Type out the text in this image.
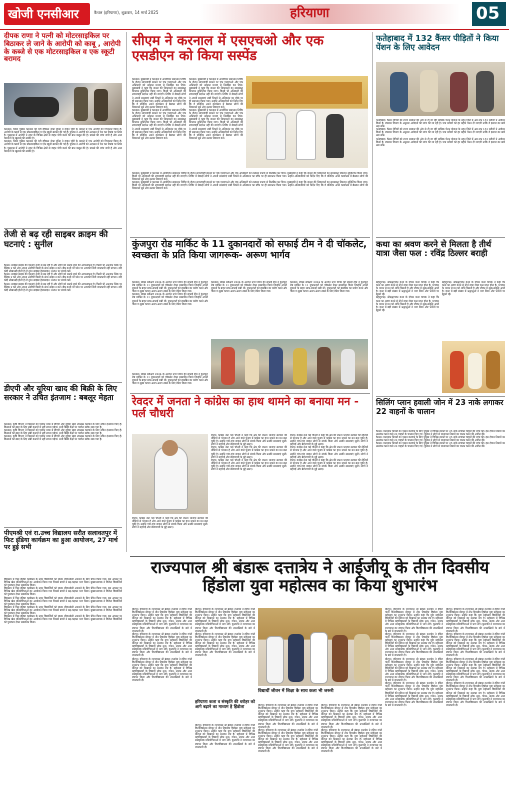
खोजी एनसीआर	कैथल (हरियाणा), शुक्रवार, 14 मार्च 2025	हरियाणा	05
दीपक राणा ने पत्नी को मोटरसाइकिल पर बिठाकर ले जाने के आरोपी को काबू , आरोपी के कब्जे से एक मोटरसाइकिल व एक स्कूटी बरामद
करनाल। जिला पुलिस करनाल की एंटी व्हीकल थेफ्ट यूनिट ने वाहन चोरी के मामले में एक आरोपी को गिरफ्तार किया है। आरोपी के कब्जे से एक मोटरसाइकिल व एक स्कूटी बरामद की गई है। पुलिस ने आरोपी को अदालत में पेश कर रिमांड पर लिया है। पूछताछ में आरोपी ने शहर के विभिन्न क्षेत्रों से वाहन चोरी करने की बात कबूल की है। मामले की जांच जारी है और अन्य वारदातों के खुलासे की उम्मीद है।
करनाल। जिला पुलिस करनाल की एंटी व्हीकल थेफ्ट यूनिट ने वाहन चोरी के मामले में एक आरोपी को गिरफ्तार किया है। आरोपी के कब्जे से एक मोटरसाइकिल व एक स्कूटी बरामद की गई है। पुलिस ने आरोपी को अदालत में पेश कर रिमांड पर लिया है। पूछताछ में आरोपी ने शहर के विभिन्न क्षेत्रों से वाहन चोरी करने की बात कबूल की है। मामले की जांच जारी है और अन्य वारदातों के खुलासे की उम्मीद है।
तेजी से बढ़ रही साइबर क्राइम की घटनाएं : सुनील
कैथल। साइबर क्राइम की घटनाएं तेजी से बढ़ रही हैं और लोगों को सतर्क रहने की आवश्यकता है। किसी भी अनजान लिंक पर क्लिक न करें और अपना ओटीपी किसी के साथ साझा न करें। बैंक कभी भी फोन पर आपकी निजी जानकारी नहीं मांगता। यदि कोई धोखाधड़ी होती है तो तुरंत साइबर हेल्पलाइन 1930 पर संपर्क करें।
कैथल। साइबर क्राइम की घटनाएं तेजी से बढ़ रही हैं और लोगों को सतर्क रहने की आवश्यकता है। किसी भी अनजान लिंक पर क्लिक न करें और अपना ओटीपी किसी के साथ साझा न करें। बैंक कभी भी फोन पर आपकी निजी जानकारी नहीं मांगता। यदि कोई धोखाधड़ी होती है तो तुरंत साइबर हेल्पलाइन 1930 पर संपर्क करें।
कैथल। साइबर क्राइम की घटनाएं तेजी से बढ़ रही हैं और लोगों को सतर्क रहने की आवश्यकता है। किसी भी अनजान लिंक पर क्लिक न करें और अपना ओटीपी किसी के साथ साझा न करें। बैंक कभी भी फोन पर आपकी निजी जानकारी नहीं मांगता। यदि कोई धोखाधड़ी होती है तो तुरंत साइबर हेल्पलाइन 1930 पर संपर्क करें।
डीएपी और यूरिया खाद की बिक्री के लिए सरकार ने उचित इंतजाम : बबलूर मेहता
करनाल। कृषि विभाग ने किसानों को पर्याप्त मात्रा में डीएपी और यूरिया खाद उपलब्ध करवाने के लिए उचित इंतजाम किए हैं। किसानों को खाद के लिए लंबी कतारों में नहीं लगना पड़ेगा। सभी बिक्री केंद्रों पर पर्याप्त स्टॉक रखा गया है।
करनाल। कृषि विभाग ने किसानों को पर्याप्त मात्रा में डीएपी और यूरिया खाद उपलब्ध करवाने के लिए उचित इंतजाम किए हैं। किसानों को खाद के लिए लंबी कतारों में नहीं लगना पड़ेगा। सभी बिक्री केंद्रों पर पर्याप्त स्टॉक रखा गया है।
करनाल। कृषि विभाग ने किसानों को पर्याप्त मात्रा में डीएपी और यूरिया खाद उपलब्ध करवाने के लिए उचित इंतजाम किए हैं। किसानों को खाद के लिए लंबी कतारों में नहीं लगना पड़ेगा। सभी बिक्री केंद्रों पर पर्याप्त स्टॉक रखा गया है।
पीएमश्री एवं रा.उच्च विद्यालय सरौत सलावतपुर में फिट इंडिया कार्यक्रम का हुआ आयोजन, 27 मार्च पर हुई सभी
विद्यालय में फिट इंडिया कार्यक्रम के तहत विद्यार्थियों को स्वस्थ जीवनशैली अपनाने के लिए प्रेरित किया गया। इस अवसर पर विभिन्न खेल प्रतियोगिताओं का आयोजन किया गया जिसमें बच्चों ने बढ़-चढ़कर भाग लिया। मुख्याध्यापक ने विजेता विद्यार्थियों को पुरस्कार देकर सम्मानित किया।
विद्यालय में फिट इंडिया कार्यक्रम के तहत विद्यार्थियों को स्वस्थ जीवनशैली अपनाने के लिए प्रेरित किया गया। इस अवसर पर विभिन्न खेल प्रतियोगिताओं का आयोजन किया गया जिसमें बच्चों ने बढ़-चढ़कर भाग लिया। मुख्याध्यापक ने विजेता विद्यार्थियों को पुरस्कार देकर सम्मानित किया।
विद्यालय में फिट इंडिया कार्यक्रम के तहत विद्यार्थियों को स्वस्थ जीवनशैली अपनाने के लिए प्रेरित किया गया। इस अवसर पर विभिन्न खेल प्रतियोगिताओं का आयोजन किया गया जिसमें बच्चों ने बढ़-चढ़कर भाग लिया। मुख्याध्यापक ने विजेता विद्यार्थियों को पुरस्कार देकर सम्मानित किया।
विद्यालय में फिट इंडिया कार्यक्रम के तहत विद्यार्थियों को स्वस्थ जीवनशैली अपनाने के लिए प्रेरित किया गया। इस अवसर पर विभिन्न खेल प्रतियोगिताओं का आयोजन किया गया जिसमें बच्चों ने बढ़-चढ़कर भाग लिया। मुख्याध्यापक ने विजेता विद्यार्थियों को पुरस्कार देकर सम्मानित किया।
विद्यालय में फिट इंडिया कार्यक्रम के तहत विद्यार्थियों को स्वस्थ जीवनशैली अपनाने के लिए प्रेरित किया गया। इस अवसर पर विभिन्न खेल प्रतियोगिताओं का आयोजन किया गया जिसमें बच्चों ने बढ़-चढ़कर भाग लिया। मुख्याध्यापक ने विजेता विद्यार्थियों को पुरस्कार देकर सम्मानित किया।
सीएम ने करनाल में एसएचओ और एक एसडीएन को किया सस्पेंड
करनाल। मुख्यमंत्री ने करनाल में आयोजित समाधान शिविर के दौरान लापरवाही बरतने पर एक एसएचओ और एक अधिकारी को तत्काल प्रभाव से निलंबित कर दिया। मुख्यमंत्री ने कहा कि जनता की शिकायतों का समयबद्ध निपटान सुनिश्चित किया जाए। किसी भी अधिकारी की लापरवाही बर्दाश्त नहीं की जाएगी। शिविर में सैकड़ों लोगों ने अपनी समस्याएं रखीं जिनमें से अधिकांश का मौके पर ही समाधान किया गया। उन्होंने अधिकारियों को निर्देश दिए कि वे प्रतिदिन अपने कार्यालय में बैठकर लोगों की शिकायतें सुनें और उनका निवारण करें।
करनाल। मुख्यमंत्री ने करनाल में आयोजित समाधान शिविर के दौरान लापरवाही बरतने पर एक एसएचओ और एक अधिकारी को तत्काल प्रभाव से निलंबित कर दिया। मुख्यमंत्री ने कहा कि जनता की शिकायतों का समयबद्ध निपटान सुनिश्चित किया जाए। किसी भी अधिकारी की लापरवाही बर्दाश्त नहीं की जाएगी। शिविर में सैकड़ों लोगों ने अपनी समस्याएं रखीं जिनमें से अधिकांश का मौके पर ही समाधान किया गया। उन्होंने अधिकारियों को निर्देश दिए कि वे प्रतिदिन अपने कार्यालय में बैठकर लोगों की शिकायतें सुनें और उनका निवारण करें।
करनाल। मुख्यमंत्री ने करनाल में आयोजित समाधान शिविर के दौरान लापरवाही बरतने पर एक एसएचओ और एक अधिकारी को तत्काल प्रभाव से निलंबित कर दिया। मुख्यमंत्री ने कहा कि जनता की शिकायतों का समयबद्ध निपटान सुनिश्चित किया जाए। किसी भी अधिकारी की लापरवाही बर्दाश्त नहीं की जाएगी। शिविर में सैकड़ों लोगों ने अपनी समस्याएं रखीं जिनमें से अधिकांश का मौके पर ही समाधान किया गया। उन्होंने अधिकारियों को निर्देश दिए कि वे प्रतिदिन अपने कार्यालय में बैठकर लोगों की शिकायतें सुनें और उनका निवारण करें।
करनाल। मुख्यमंत्री ने करनाल में आयोजित समाधान शिविर के दौरान लापरवाही बरतने पर एक एसएचओ और एक अधिकारी को तत्काल प्रभाव से निलंबित कर दिया। मुख्यमंत्री ने कहा कि जनता की शिकायतों का समयबद्ध निपटान सुनिश्चित किया जाए। किसी भी अधिकारी की लापरवाही बर्दाश्त नहीं की जाएगी। शिविर में सैकड़ों लोगों ने अपनी समस्याएं रखीं जिनमें से अधिकांश का मौके पर ही समाधान किया गया। उन्होंने अधिकारियों को निर्देश दिए कि वे प्रतिदिन अपने कार्यालय में बैठकर लोगों की शिकायतें सुनें और उनका निवारण करें।
करनाल। मुख्यमंत्री ने करनाल में आयोजित समाधान शिविर के दौरान लापरवाही बरतने पर एक एसएचओ और एक अधिकारी को तत्काल प्रभाव से निलंबित कर दिया। मुख्यमंत्री ने कहा कि जनता की शिकायतों का समयबद्ध निपटान सुनिश्चित किया जाए। किसी भी अधिकारी की लापरवाही बर्दाश्त नहीं की जाएगी। शिविर में सैकड़ों लोगों ने अपनी समस्याएं रखीं जिनमें से अधिकांश का मौके पर ही समाधान किया गया। उन्होंने अधिकारियों को निर्देश दिए कि वे प्रतिदिन अपने कार्यालय में बैठकर लोगों की शिकायतें सुनें और उनका निवारण करें।
करनाल। मुख्यमंत्री ने करनाल में आयोजित समाधान शिविर के दौरान लापरवाही बरतने पर एक एसएचओ और एक अधिकारी को तत्काल प्रभाव से निलंबित कर दिया। मुख्यमंत्री ने कहा कि जनता की शिकायतों का समयबद्ध निपटान सुनिश्चित किया जाए। किसी भी अधिकारी की लापरवाही बर्दाश्त नहीं की जाएगी। शिविर में सैकड़ों लोगों ने अपनी समस्याएं रखीं जिनमें से अधिकांश का मौके पर ही समाधान किया गया। उन्होंने अधिकारियों को निर्देश दिए कि वे प्रतिदिन अपने कार्यालय में बैठकर लोगों की शिकायतें सुनें और उनका निवारण करें।
कुंजपुरा रोड मार्किट के 11 दुकानदारों को सफाई टीम ने दी चॉकलेट, स्वच्छता के प्रति किया जागरूक- अरूण भार्गव
करनाल। स्वच्छ सर्वेक्षण 2024 के अंतर्गत नगर निगम की सफाई टीम ने कुंजपुरा रोड मार्किट के 11 दुकानदारों को चॉकलेट देकर सम्मानित किया जिन्होंने अपनी दुकानों के बाहर साफ-सफाई रखी थी। दुकानदारों को डस्टबिन का प्रयोग करने और गीला व सूखा कचरा अलग-अलग रखने के लिए प्रेरित किया गया।
करनाल। स्वच्छ सर्वेक्षण 2024 के अंतर्गत नगर निगम की सफाई टीम ने कुंजपुरा रोड मार्किट के 11 दुकानदारों को चॉकलेट देकर सम्मानित किया जिन्होंने अपनी दुकानों के बाहर साफ-सफाई रखी थी। दुकानदारों को डस्टबिन का प्रयोग करने और गीला व सूखा कचरा अलग-अलग रखने के लिए प्रेरित किया गया।
करनाल। स्वच्छ सर्वेक्षण 2024 के अंतर्गत नगर निगम की सफाई टीम ने कुंजपुरा रोड मार्किट के 11 दुकानदारों को चॉकलेट देकर सम्मानित किया जिन्होंने अपनी दुकानों के बाहर साफ-सफाई रखी थी। दुकानदारों को डस्टबिन का प्रयोग करने और गीला व सूखा कचरा अलग-अलग रखने के लिए प्रेरित किया गया।
करनाल। स्वच्छ सर्वेक्षण 2024 के अंतर्गत नगर निगम की सफाई टीम ने कुंजपुरा रोड मार्किट के 11 दुकानदारों को चॉकलेट देकर सम्मानित किया जिन्होंने अपनी दुकानों के बाहर साफ-सफाई रखी थी। दुकानदारों को डस्टबिन का प्रयोग करने और गीला व सूखा कचरा अलग-अलग रखने के लिए प्रेरित किया गया।
करनाल। स्वच्छ सर्वेक्षण 2024 के अंतर्गत नगर निगम की सफाई टीम ने कुंजपुरा रोड मार्किट के 11 दुकानदारों को चॉकलेट देकर सम्मानित किया जिन्होंने अपनी दुकानों के बाहर साफ-सफाई रखी थी। दुकानदारों को डस्टबिन का प्रयोग करने और गीला व सूखा कचरा अलग-अलग रखने के लिए प्रेरित किया गया।
रेवदर में जनता ने कांग्रेस का हाथ थामने का बनाया मन - पर्ल चौधरी
रेवदर। कांग्रेस नेता पर्ल चौधरी ने कहा कि क्षेत्र की जनता भाजपा सरकार की नीतियों से परेशान है और आने वाले चुनाव में कांग्रेस का हाथ थामने का मन बना चुकी है। उन्होंने गांव-गांव जाकर लोगों से संपर्क किया और उनकी समस्याएं सुनीं। लोगों ने महंगाई और बेरोजगारी के मुद्दे उठाए।
रेवदर। कांग्रेस नेता पर्ल चौधरी ने कहा कि क्षेत्र की जनता भाजपा सरकार की नीतियों से परेशान है और आने वाले चुनाव में कांग्रेस का हाथ थामने का मन बना चुकी है। उन्होंने गांव-गांव जाकर लोगों से संपर्क किया और उनकी समस्याएं सुनीं। लोगों ने महंगाई और बेरोजगारी के मुद्दे उठाए।
रेवदर। कांग्रेस नेता पर्ल चौधरी ने कहा कि क्षेत्र की जनता भाजपा सरकार की नीतियों से परेशान है और आने वाले चुनाव में कांग्रेस का हाथ थामने का मन बना चुकी है। उन्होंने गांव-गांव जाकर लोगों से संपर्क किया और उनकी समस्याएं सुनीं। लोगों ने महंगाई और बेरोजगारी के मुद्दे उठाए।
रेवदर। कांग्रेस नेता पर्ल चौधरी ने कहा कि क्षेत्र की जनता भाजपा सरकार की नीतियों से परेशान है और आने वाले चुनाव में कांग्रेस का हाथ थामने का मन बना चुकी है। उन्होंने गांव-गांव जाकर लोगों से संपर्क किया और उनकी समस्याएं सुनीं। लोगों ने महंगाई और बेरोजगारी के मुद्दे उठाए।
रेवदर। कांग्रेस नेता पर्ल चौधरी ने कहा कि क्षेत्र की जनता भाजपा सरकार की नीतियों से परेशान है और आने वाले चुनाव में कांग्रेस का हाथ थामने का मन बना चुकी है। उन्होंने गांव-गांव जाकर लोगों से संपर्क किया और उनकी समस्याएं सुनीं। लोगों ने महंगाई और बेरोजगारी के मुद्दे उठाए।
रेवदर। कांग्रेस नेता पर्ल चौधरी ने कहा कि क्षेत्र की जनता भाजपा सरकार की नीतियों से परेशान है और आने वाले चुनाव में कांग्रेस का हाथ थामने का मन बना चुकी है। उन्होंने गांव-गांव जाकर लोगों से संपर्क किया और उनकी समस्याएं सुनीं। लोगों ने महंगाई और बेरोजगारी के मुद्दे उठाए।
रेवदर। कांग्रेस नेता पर्ल चौधरी ने कहा कि क्षेत्र की जनता भाजपा सरकार की नीतियों से परेशान है और आने वाले चुनाव में कांग्रेस का हाथ थामने का मन बना चुकी है। उन्होंने गांव-गांव जाकर लोगों से संपर्क किया और उनकी समस्याएं सुनीं। लोगों ने महंगाई और बेरोजगारी के मुद्दे उठाए।
फतेहाबाद में 132 कैंसर पीड़ितों ने किया पेंशन के लिए आवेदन
फतेहाबाद। कैंसर रोगियों को राज्य सरकार की ओर से दी जा रही मासिक पेंशन योजना के तहत जिले में अब तक 132 मरीजों ने आवेदन किया है। स्वास्थ्य विभाग के अनुसार आवेदनों की जांच की जा रही है। पात्र मरीजों को हर महीने पेंशन दी जाएगी ताकि वे इलाज का खर्च उठा सकें।
फतेहाबाद। कैंसर रोगियों को राज्य सरकार की ओर से दी जा रही मासिक पेंशन योजना के तहत जिले में अब तक 132 मरीजों ने आवेदन किया है। स्वास्थ्य विभाग के अनुसार आवेदनों की जांच की जा रही है। पात्र मरीजों को हर महीने पेंशन दी जाएगी ताकि वे इलाज का खर्च उठा सकें।
फतेहाबाद। कैंसर रोगियों को राज्य सरकार की ओर से दी जा रही मासिक पेंशन योजना के तहत जिले में अब तक 132 मरीजों ने आवेदन किया है। स्वास्थ्य विभाग के अनुसार आवेदनों की जांच की जा रही है। पात्र मरीजों को हर महीने पेंशन दी जाएगी ताकि वे इलाज का खर्च उठा सकें।
कथा का श्रवण करने से मिलता है तीर्थ यात्रा जैसा फल : रविंद्र ठिल्लर बराही
बहादुरगढ़। श्रीमद्भागवत कथा के दौरान कथा वाचक ने कहा कि कथा का श्रवण करने से तीर्थ यात्रा जैसा फल प्राप्त होता है। भगवान के भजन से मन को शांति मिलती है और जीवन में सुख-समृद्धि आती है। कथा में बड़ी संख्या में श्रद्धालुओं ने भाग लिया और भजनों पर झूमते रहे।
बहादुरगढ़। श्रीमद्भागवत कथा के दौरान कथा वाचक ने कहा कि कथा का श्रवण करने से तीर्थ यात्रा जैसा फल प्राप्त होता है। भगवान के भजन से मन को शांति मिलती है और जीवन में सुख-समृद्धि आती है। कथा में बड़ी संख्या में श्रद्धालुओं ने भाग लिया और भजनों पर झूमते रहे।
बहादुरगढ़। श्रीमद्भागवत कथा के दौरान कथा वाचक ने कहा कि कथा का श्रवण करने से तीर्थ यात्रा जैसा फल प्राप्त होता है। भगवान के भजन से मन को शांति मिलती है और जीवन में सुख-समृद्धि आती है। कथा में बड़ी संख्या में श्रद्धालुओं ने भाग लिया और भजनों पर झूमते रहे।
सिलिंग प्लान हवाली जोन में 23 नाके लगाकर 22 वाहनों के चालान
कैथल। यातायात नियमों का पालन करवाने के लिए पुलिस ने विभिन्न स्थानों पर 23 नाके लगाकर वाहनों की जांच की। इस दौरान नियमों का उल्लंघन करने वाले 22 वाहनों के चालान किए गए। पुलिस ने लोगों से यातायात नियमों का पालन करने की अपील की।
कैथल। यातायात नियमों का पालन करवाने के लिए पुलिस ने विभिन्न स्थानों पर 23 नाके लगाकर वाहनों की जांच की। इस दौरान नियमों का उल्लंघन करने वाले 22 वाहनों के चालान किए गए। पुलिस ने लोगों से यातायात नियमों का पालन करने की अपील की।
कैथल। यातायात नियमों का पालन करवाने के लिए पुलिस ने विभिन्न स्थानों पर 23 नाके लगाकर वाहनों की जांच की। इस दौरान नियमों का उल्लंघन करने वाले 22 वाहनों के चालान किए गए। पुलिस ने लोगों से यातायात नियमों का पालन करने की अपील की।
राज्यपाल श्री बंडारू दत्तात्रेय ने आईजीयू के तीन दिवसीय हिंडोला युवा महोत्सव का किया शुभारंभ
मीरपुर। हरियाणा के राज्यपाल श्री बंडारू दत्तात्रेय ने इंदिरा गांधी विश्वविद्यालय मीरपुर में तीन दिवसीय हिंडोला युवा महोत्सव का शुभारंभ किया। उन्होंने कहा कि युवा महोत्सव विद्यार्थियों की प्रतिभा को निखारने का सशक्त मंच है। महोत्सव में विभिन्न महाविद्यालयों के विद्यार्थी लोक नृत्य, गायन, नाटक और अन्य सांस्कृतिक प्रतियोगिताओं में भाग लेंगे। कुलपति ने राज्यपाल का स्वागत किया और विश्वविद्यालय की उपलब्धियों के बारे में जानकारी दी।
मीरपुर। हरियाणा के राज्यपाल श्री बंडारू दत्तात्रेय ने इंदिरा गांधी विश्वविद्यालय मीरपुर में तीन दिवसीय हिंडोला युवा महोत्सव का शुभारंभ किया। उन्होंने कहा कि युवा महोत्सव विद्यार्थियों की प्रतिभा को निखारने का सशक्त मंच है। महोत्सव में विभिन्न महाविद्यालयों के विद्यार्थी लोक नृत्य, गायन, नाटक और अन्य सांस्कृतिक प्रतियोगिताओं में भाग लेंगे। कुलपति ने राज्यपाल का स्वागत किया और विश्वविद्यालय की उपलब्धियों के बारे में जानकारी दी।
मीरपुर। हरियाणा के राज्यपाल श्री बंडारू दत्तात्रेय ने इंदिरा गांधी विश्वविद्यालय मीरपुर में तीन दिवसीय हिंडोला युवा महोत्सव का शुभारंभ किया। उन्होंने कहा कि युवा महोत्सव विद्यार्थियों की प्रतिभा को निखारने का सशक्त मंच है। महोत्सव में विभिन्न महाविद्यालयों के विद्यार्थी लोक नृत्य, गायन, नाटक और अन्य सांस्कृतिक प्रतियोगिताओं में भाग लेंगे। कुलपति ने राज्यपाल का स्वागत किया और विश्वविद्यालय की उपलब्धियों के बारे में जानकारी दी।
मीरपुर। हरियाणा के राज्यपाल श्री बंडारू दत्तात्रेय ने इंदिरा गांधी विश्वविद्यालय मीरपुर में तीन दिवसीय हिंडोला युवा महोत्सव का शुभारंभ किया। उन्होंने कहा कि युवा महोत्सव विद्यार्थियों की प्रतिभा को निखारने का सशक्त मंच है। महोत्सव में विभिन्न महाविद्यालयों के विद्यार्थी लोक नृत्य, गायन, नाटक और अन्य सांस्कृतिक प्रतियोगिताओं में भाग लेंगे। कुलपति ने राज्यपाल का स्वागत किया और विश्वविद्यालय की उपलब्धियों के बारे में जानकारी दी।
मीरपुर। हरियाणा के राज्यपाल श्री बंडारू दत्तात्रेय ने इंदिरा गांधी विश्वविद्यालय मीरपुर में तीन दिवसीय हिंडोला युवा महोत्सव का शुभारंभ किया। उन्होंने कहा कि युवा महोत्सव विद्यार्थियों की प्रतिभा को निखारने का सशक्त मंच है। महोत्सव में विभिन्न महाविद्यालयों के विद्यार्थी लोक नृत्य, गायन, नाटक और अन्य सांस्कृतिक प्रतियोगिताओं में भाग लेंगे। कुलपति ने राज्यपाल का स्वागत किया और विश्वविद्यालय की उपलब्धियों के बारे में जानकारी दी।
हरियाणा कला व संस्कृति की धरोहर को आगे बढ़ाने का माध्यम है हिंडोला
मीरपुर। हरियाणा के राज्यपाल श्री बंडारू दत्तात्रेय ने इंदिरा गांधी विश्वविद्यालय मीरपुर में तीन दिवसीय हिंडोला युवा महोत्सव का शुभारंभ किया। उन्होंने कहा कि युवा महोत्सव विद्यार्थियों की प्रतिभा को निखारने का सशक्त मंच है। महोत्सव में विभिन्न महाविद्यालयों के विद्यार्थी लोक नृत्य, गायन, नाटक और अन्य सांस्कृतिक प्रतियोगिताओं में भाग लेंगे। कुलपति ने राज्यपाल का स्वागत किया और विश्वविद्यालय की उपलब्धियों के बारे में जानकारी दी।
विद्यार्थी जीवन में शिक्षा के साथ कला भी जरूरी
मीरपुर। हरियाणा के राज्यपाल श्री बंडारू दत्तात्रेय ने इंदिरा गांधी विश्वविद्यालय मीरपुर में तीन दिवसीय हिंडोला युवा महोत्सव का शुभारंभ किया। उन्होंने कहा कि युवा महोत्सव विद्यार्थियों की प्रतिभा को निखारने का सशक्त मंच है। महोत्सव में विभिन्न महाविद्यालयों के विद्यार्थी लोक नृत्य, गायन, नाटक और अन्य सांस्कृतिक प्रतियोगिताओं में भाग लेंगे। कुलपति ने राज्यपाल का स्वागत किया और विश्वविद्यालय की उपलब्धियों के बारे में जानकारी दी।
मीरपुर। हरियाणा के राज्यपाल श्री बंडारू दत्तात्रेय ने इंदिरा गांधी विश्वविद्यालय मीरपुर में तीन दिवसीय हिंडोला युवा महोत्सव का शुभारंभ किया। उन्होंने कहा कि युवा महोत्सव विद्यार्थियों की प्रतिभा को निखारने का सशक्त मंच है। महोत्सव में विभिन्न महाविद्यालयों के विद्यार्थी लोक नृत्य, गायन, नाटक और अन्य सांस्कृतिक प्रतियोगिताओं में भाग लेंगे। कुलपति ने राज्यपाल का स्वागत किया और विश्वविद्यालय की उपलब्धियों के बारे में जानकारी दी।
मीरपुर। हरियाणा के राज्यपाल श्री बंडारू दत्तात्रेय ने इंदिरा गांधी विश्वविद्यालय मीरपुर में तीन दिवसीय हिंडोला युवा महोत्सव का शुभारंभ किया। उन्होंने कहा कि युवा महोत्सव विद्यार्थियों की प्रतिभा को निखारने का सशक्त मंच है। महोत्सव में विभिन्न महाविद्यालयों के विद्यार्थी लोक नृत्य, गायन, नाटक और अन्य सांस्कृतिक प्रतियोगिताओं में भाग लेंगे। कुलपति ने राज्यपाल का स्वागत किया और विश्वविद्यालय की उपलब्धियों के बारे में जानकारी दी।
मीरपुर। हरियाणा के राज्यपाल श्री बंडारू दत्तात्रेय ने इंदिरा गांधी विश्वविद्यालय मीरपुर में तीन दिवसीय हिंडोला युवा महोत्सव का शुभारंभ किया। उन्होंने कहा कि युवा महोत्सव विद्यार्थियों की प्रतिभा को निखारने का सशक्त मंच है। महोत्सव में विभिन्न महाविद्यालयों के विद्यार्थी लोक नृत्य, गायन, नाटक और अन्य सांस्कृतिक प्रतियोगिताओं में भाग लेंगे। कुलपति ने राज्यपाल का स्वागत किया और विश्वविद्यालय की उपलब्धियों के बारे में जानकारी दी।
मीरपुर। हरियाणा के राज्यपाल श्री बंडारू दत्तात्रेय ने इंदिरा गांधी विश्वविद्यालय मीरपुर में तीन दिवसीय हिंडोला युवा महोत्सव का शुभारंभ किया। उन्होंने कहा कि युवा महोत्सव विद्यार्थियों की प्रतिभा को निखारने का सशक्त मंच है। महोत्सव में विभिन्न महाविद्यालयों के विद्यार्थी लोक नृत्य, गायन, नाटक और अन्य सांस्कृतिक प्रतियोगिताओं में भाग लेंगे। कुलपति ने राज्यपाल का स्वागत किया और विश्वविद्यालय की उपलब्धियों के बारे में जानकारी दी।
मीरपुर। हरियाणा के राज्यपाल श्री बंडारू दत्तात्रेय ने इंदिरा गांधी विश्वविद्यालय मीरपुर में तीन दिवसीय हिंडोला युवा महोत्सव का शुभारंभ किया। उन्होंने कहा कि युवा महोत्सव विद्यार्थियों की प्रतिभा को निखारने का सशक्त मंच है। महोत्सव में विभिन्न महाविद्यालयों के विद्यार्थी लोक नृत्य, गायन, नाटक और अन्य सांस्कृतिक प्रतियोगिताओं में भाग लेंगे। कुलपति ने राज्यपाल का स्वागत किया और विश्वविद्यालय की उपलब्धियों के बारे में जानकारी दी।
मीरपुर। हरियाणा के राज्यपाल श्री बंडारू दत्तात्रेय ने इंदिरा गांधी विश्वविद्यालय मीरपुर में तीन दिवसीय हिंडोला युवा महोत्सव का शुभारंभ किया। उन्होंने कहा कि युवा महोत्सव विद्यार्थियों की प्रतिभा को निखारने का सशक्त मंच है। महोत्सव में विभिन्न महाविद्यालयों के विद्यार्थी लोक नृत्य, गायन, नाटक और अन्य सांस्कृतिक प्रतियोगिताओं में भाग लेंगे। कुलपति ने राज्यपाल का स्वागत किया और विश्वविद्यालय की उपलब्धियों के बारे में जानकारी दी।
मीरपुर। हरियाणा के राज्यपाल श्री बंडारू दत्तात्रेय ने इंदिरा गांधी विश्वविद्यालय मीरपुर में तीन दिवसीय हिंडोला युवा महोत्सव का शुभारंभ किया। उन्होंने कहा कि युवा महोत्सव विद्यार्थियों की प्रतिभा को निखारने का सशक्त मंच है। महोत्सव में विभिन्न महाविद्यालयों के विद्यार्थी लोक नृत्य, गायन, नाटक और अन्य सांस्कृतिक प्रतियोगिताओं में भाग लेंगे। कुलपति ने राज्यपाल का स्वागत किया और विश्वविद्यालय की उपलब्धियों के बारे में जानकारी दी।
मीरपुर। हरियाणा के राज्यपाल श्री बंडारू दत्तात्रेय ने इंदिरा गांधी विश्वविद्यालय मीरपुर में तीन दिवसीय हिंडोला युवा महोत्सव का शुभारंभ किया। उन्होंने कहा कि युवा महोत्सव विद्यार्थियों की प्रतिभा को निखारने का सशक्त मंच है। महोत्सव में विभिन्न महाविद्यालयों के विद्यार्थी लोक नृत्य, गायन, नाटक और अन्य सांस्कृतिक प्रतियोगिताओं में भाग लेंगे। कुलपति ने राज्यपाल का स्वागत किया और विश्वविद्यालय की उपलब्धियों के बारे में जानकारी दी।
मीरपुर। हरियाणा के राज्यपाल श्री बंडारू दत्तात्रेय ने इंदिरा गांधी विश्वविद्यालय मीरपुर में तीन दिवसीय हिंडोला युवा महोत्सव का शुभारंभ किया। उन्होंने कहा कि युवा महोत्सव विद्यार्थियों की प्रतिभा को निखारने का सशक्त मंच है। महोत्सव में विभिन्न महाविद्यालयों के विद्यार्थी लोक नृत्य, गायन, नाटक और अन्य सांस्कृतिक प्रतियोगिताओं में भाग लेंगे। कुलपति ने राज्यपाल का स्वागत किया और विश्वविद्यालय की उपलब्धियों के बारे में जानकारी दी।
मीरपुर। हरियाणा के राज्यपाल श्री बंडारू दत्तात्रेय ने इंदिरा गांधी विश्वविद्यालय मीरपुर में तीन दिवसीय हिंडोला युवा महोत्सव का शुभारंभ किया। उन्होंने कहा कि युवा महोत्सव विद्यार्थियों की प्रतिभा को निखारने का सशक्त मंच है। महोत्सव में विभिन्न महाविद्यालयों के विद्यार्थी लोक नृत्य, गायन, नाटक और अन्य सांस्कृतिक प्रतियोगिताओं में भाग लेंगे। कुलपति ने राज्यपाल का स्वागत किया और विश्वविद्यालय की उपलब्धियों के बारे में जानकारी दी।
मीरपुर। हरियाणा के राज्यपाल श्री बंडारू दत्तात्रेय ने इंदिरा गांधी विश्वविद्यालय मीरपुर में तीन दिवसीय हिंडोला युवा महोत्सव का शुभारंभ किया। उन्होंने कहा कि युवा महोत्सव विद्यार्थियों की प्रतिभा को निखारने का सशक्त मंच है। महोत्सव में विभिन्न महाविद्यालयों के विद्यार्थी लोक नृत्य, गायन, नाटक और अन्य सांस्कृतिक प्रतियोगिताओं में भाग लेंगे। कुलपति ने राज्यपाल का स्वागत किया और विश्वविद्यालय की उपलब्धियों के बारे में जानकारी दी।
